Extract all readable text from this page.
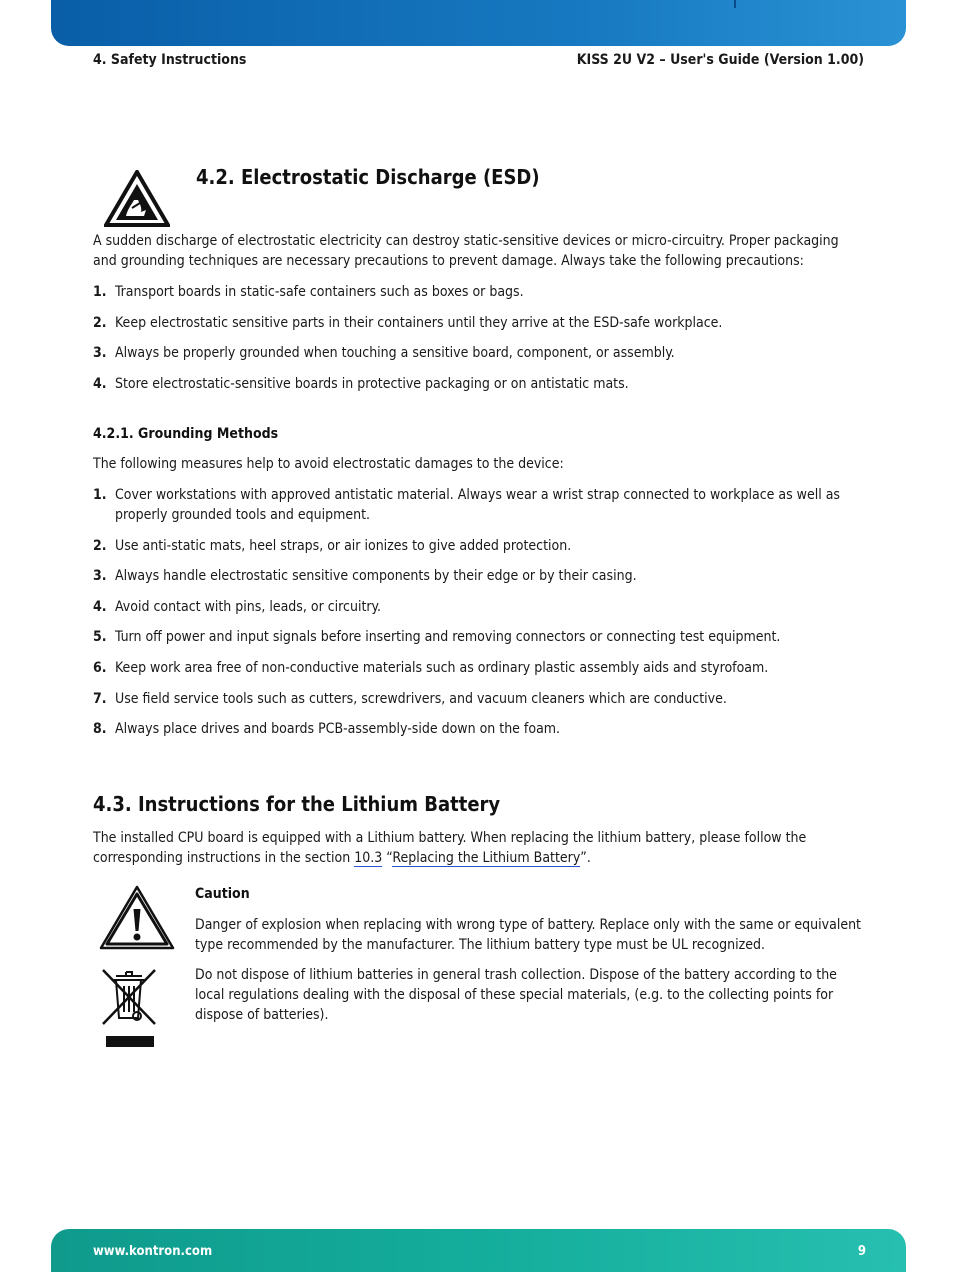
4. Safety Instructions	KISS 2U V2 – User's Guide (Version 1.00)
4.2. Electrostatic Discharge (ESD)

A sudden discharge of electrostatic electricity can destroy static-sensitive devices or micro-circuitry. Proper packaging
and grounding techniques are necessary precautions to prevent damage. Always take the following precautions:

1. Transport boards in static-safe containers such as boxes or bags.
2. Keep electrostatic sensitive parts in their containers until they arrive at the ESD-safe workplace.
3. Always be properly grounded when touching a sensitive board, component, or assembly.
4. Store electrostatic-sensitive boards in protective packaging or on antistatic mats.
4.2.1. Grounding Methods

The following measures help to avoid electrostatic damages to the device:

1. Cover workstations with approved antistatic material. Always wear a wrist strap connected to workplace as well as
properly grounded tools and equipment.
2. Use anti-static mats, heel straps, or air ionizes to give added protection.
3. Always handle electrostatic sensitive components by their edge or by their casing.
4. Avoid contact with pins, leads, or circuitry.
5. Turn off power and input signals before inserting and removing connectors or connecting test equipment.
6. Keep work area free of non-conductive materials such as ordinary plastic assembly aids and styrofoam.
7. Use field service tools such as cutters, screwdrivers, and vacuum cleaners which are conductive.
8. Always place drives and boards PCB-assembly-side down on the foam.
4.3. Instructions for the Lithium Battery

The installed CPU board is equipped with a Lithium battery. When replacing the lithium battery, please follow the
corresponding instructions in the section 10.3 “Replacing the Lithium Battery”.

Caution

Danger of explosion when replacing with wrong type of battery. Replace only with the same or equivalent
type recommended by the manufacturer. The lithium battery type must be UL recognized.

Do not dispose of lithium batteries in general trash collection. Dispose of the battery according to the
local regulations dealing with the disposal of these special materials, (e.g. to the collecting points for
dispose of batteries).

www.kontron.com	9
